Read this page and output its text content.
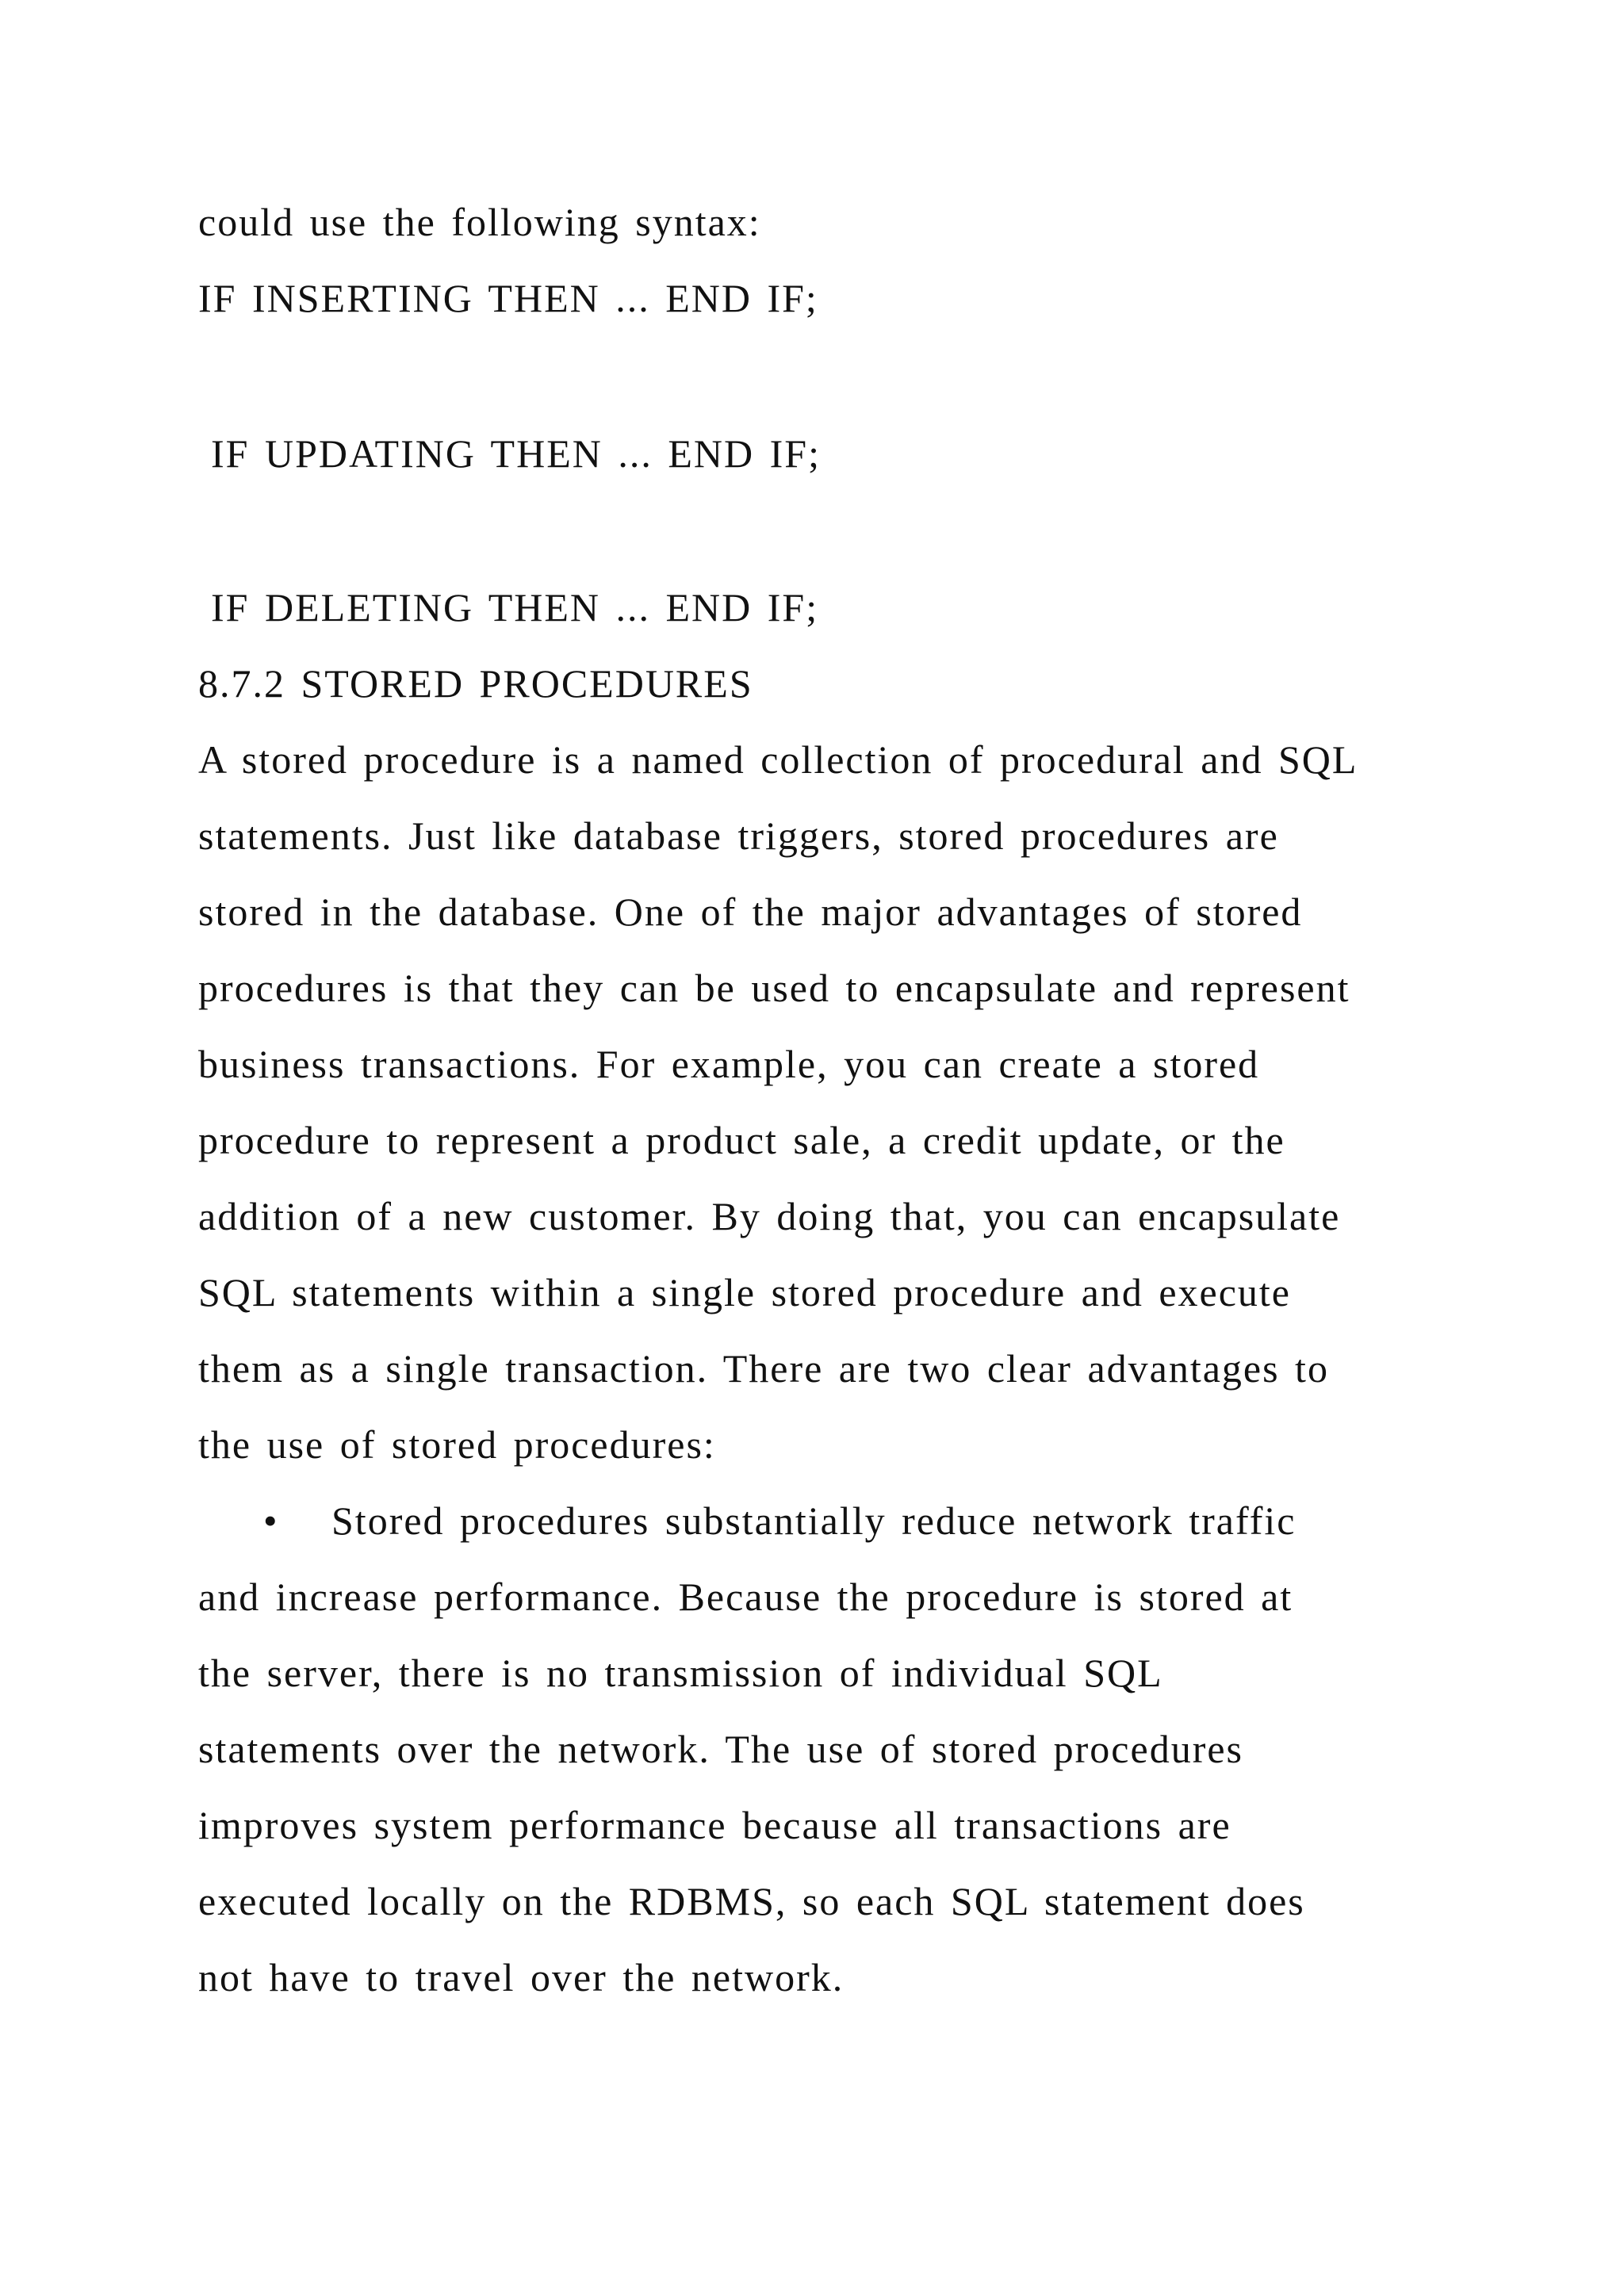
could use the following syntax:

IF INSERTING THEN ... END IF;

IF UPDATING THEN ... END IF;

IF DELETING THEN ... END IF;

8.7.2 STORED PROCEDURES

A stored procedure is a named collection of procedural and SQL

statements. Just like database triggers, stored procedures are

stored in the database. One of the major advantages of stored

procedures is that they can be used to encapsulate and represent

business transactions. For example, you can create a stored

procedure to represent a product sale, a credit update, or the

addition of a new customer. By doing that, you can encapsulate

SQL statements within a single stored procedure and execute

them as a single transaction. There are two clear advantages to

the use of stored procedures:

• Stored procedures substantially reduce network traffic

and increase performance. Because the procedure is stored at

the server, there is no transmission of individual SQL

statements over the network. The use of stored procedures

improves system performance because all transactions are

executed locally on the RDBMS, so each SQL statement does

not have to travel over the network.
